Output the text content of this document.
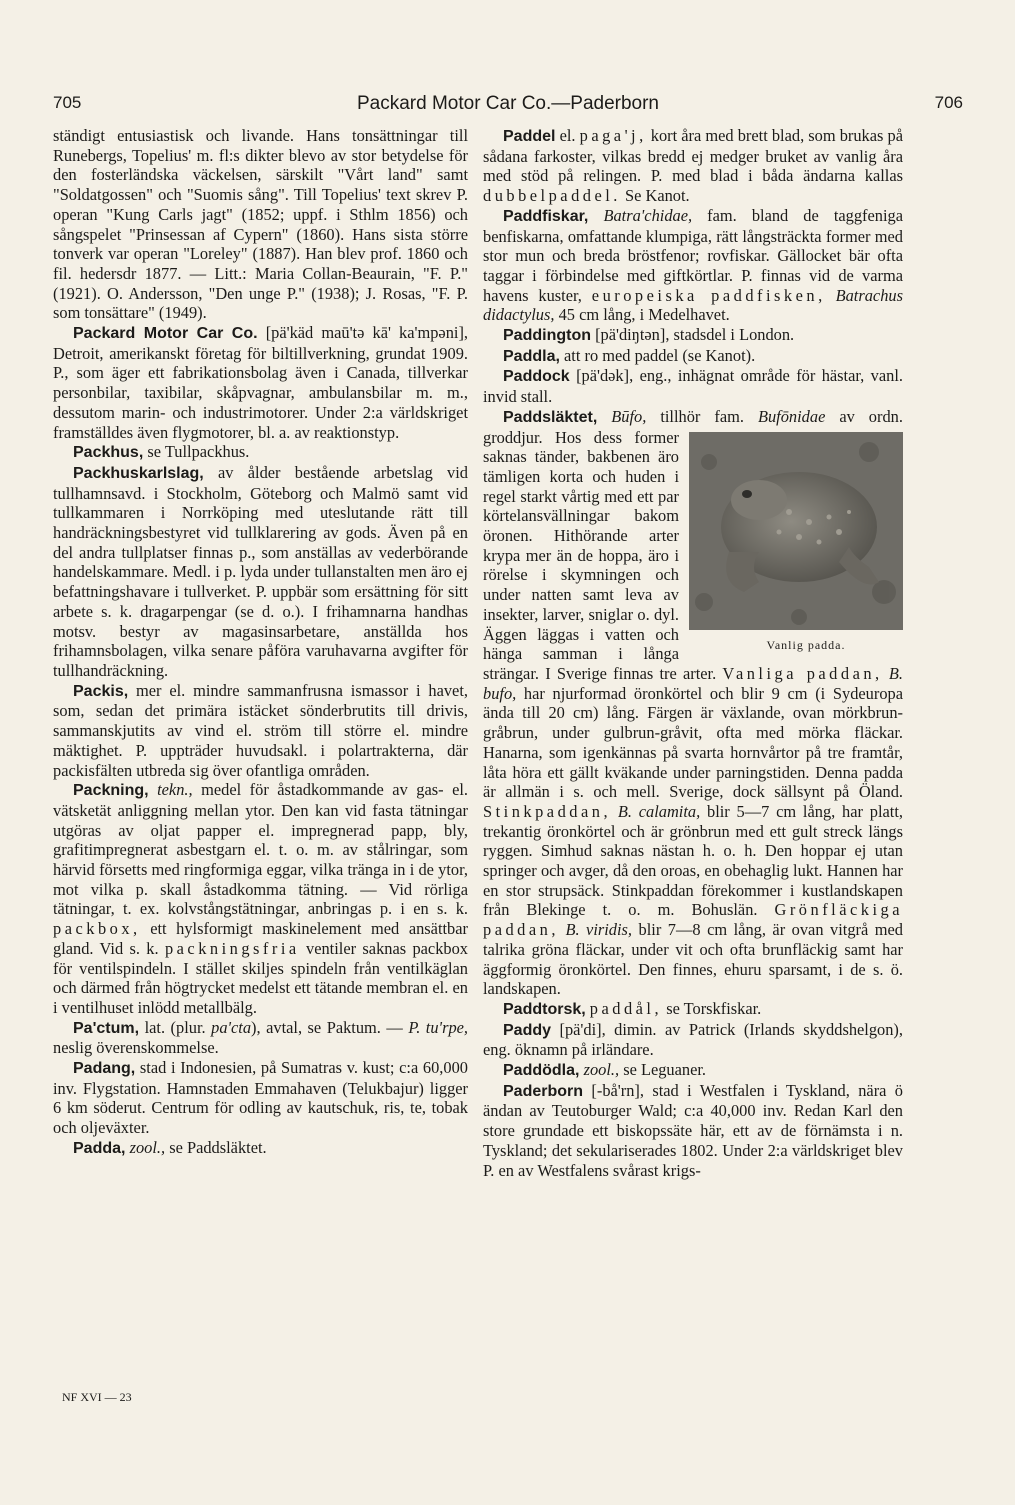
705	Packard Motor Car Co.—Paderborn	706

ständigt entusiastisk och livande. Hans tonsättningar till Runebergs, Topelius' m. fl:s dikter blevo av stor betydelse för den fosterländska väckelsen, särskilt "Vårt land" samt "Soldatgossen" och "Suomis sång". Till Topelius' text skrev P. operan "Kung Carls jagt" (1852; uppf. i Sthlm 1856) och sångspelet "Prinsessan af Cypern" (1860). Hans sista större tonverk var operan "Loreley" (1887). Han blev prof. 1860 och fil. hedersdr 1877. — Litt.: Maria Collan-Beaurain, "F. P." (1921). O. Andersson, "Den unge P." (1938); J. Rosas, "F. P. som tonsättare" (1949).

Packard Motor Car Co. [pä'käd maū'tə kā' ka'mpəni], Detroit, amerikanskt företag för biltillverkning, grundat 1909. P., som äger ett fabrikationsbolag även i Canada, tillverkar personbilar, taxibilar, skåpvagnar, ambulansbilar m. m., dessutom marin- och industrimotorer. Under 2:a världskriget framställdes även flygmotorer, bl. a. av reaktionstyp.

Packhus, se Tullpackhus.

Packhuskarlslag, av ålder bestående arbetslag vid tullhamnsavd. i Stockholm, Göteborg och Malmö samt vid tullkammaren i Norrköping med uteslutande rätt till handräckningsbestyret vid tullklarering av gods. Även på en del andra tullplatser finnas p., som anställas av vederbörande handelskammare. Medl. i p. lyda under tullanstalten men äro ej befattningshavare i tullverket. P. uppbär som ersättning för sitt arbete s. k. dragarpengar (se d. o.). I frihamnarna handhas motsv. bestyr av magasinsarbetare, anställda hos frihamnsbolagen, vilka senare påföra varuhavarna avgifter för tullhandräckning.

Packis, mer el. mindre sammanfrusna ismassor i havet, som, sedan det primära istäcket sönderbrutits till drivis, sammanskjutits av vind el. ström till större el. mindre mäktighet. P. uppträder huvudsakl. i polartrakterna, där packisfälten utbreda sig över ofantliga områden.

Packning, tekn., medel för åstadkommande av gas- el. vätsketät anliggning mellan ytor. Den kan vid fasta tätningar utgöras av oljat papper el. impregnerad papp, bly, grafitimpregnerat asbestgarn el. t. o. m. av stålringar, som härvid försetts med ringformiga eggar, vilka tränga in i de ytor, mot vilka p. skall åstadkomma tätning. — Vid rörliga tätningar, t. ex. kolvstångstätningar, anbringas p. i en s. k. packbox, ett hylsformigt maskinelement med ansättbar gland. Vid s. k. packningsfria ventiler saknas packbox för ventilspindeln. I stället skiljes spindeln från ventilkäglan och därmed från högtrycket medelst ett tätande membran el. en i ventilhuset inlödd metallbälg.

Pa'ctum, lat. (plur. pa'cta), avtal, se Paktum. — P. tu'rpe, neslig överenskommelse.

Padang, stad i Indonesien, på Sumatras v. kust; c:a 60,000 inv. Flygstation. Hamnstaden Emmahaven (Telukbajur) ligger 6 km söderut. Centrum för odling av kautschuk, ris, te, tobak och oljeväxter.

Padda, zool., se Paddsläktet.

Paddel el. paga'j, kort åra med brett blad, som brukas på sådana farkoster, vilkas bredd ej medger bruket av vanlig åra med stöd på relingen. P. med blad i båda ändarna kallas dubbelpaddel. Se Kanot.

Paddfiskar, Batra'chidae, fam. bland de taggfeniga benfiskarna, omfattande klumpiga, rätt långsträckta former med stor mun och breda bröstfenor; rovfiskar. Gällocket bär ofta taggar i förbindelse med giftkörtlar. P. finnas vid de varma havens kuster, europeiska paddfisken, Batrachus didactylus, 45 cm lång, i Medelhavet.

Paddington [pä'diŋtən], stadsdel i London.

Paddla, att ro med paddel (se Kanot).

Paddock [pä'dək], eng., inhägnat område för hästar, vanl. invid stall.

Paddsläktet, Būfo, tillhör fam. Bufōnidae
Vanlig padda.
av ordn. groddjur. Hos dess former saknas tänder, bakbenen äro tämligen korta och huden i regel starkt vårtig med ett par körtelansvällningar bakom öronen. Hithörande arter krypa mer än de hoppa, äro i rörelse i skymningen och under natten samt leva av insekter, larver, sniglar o. dyl. Äggen läggas i vatten och hänga samman i långa strängar. I Sverige finnas tre arter. Vanliga paddan, B. bufo, har njurformad öronkörtel och blir 9 cm (i Sydeuropa ända till 20 cm) lång. Färgen är växlande, ovan mörkbrun-gråbrun, under gulbrun-gråvit, ofta med mörka fläckar. Hanarna, som igenkännas på svarta hornvårtor på tre framtår, låta höra ett gällt kväkande under parningstiden. Denna padda är allmän i s. och mell. Sverige, dock sällsynt på Öland. Stinkpaddan, B. calamita, blir 5—7 cm lång, har platt, trekantig öronkörtel och är grönbrun med ett gult streck längs ryggen. Simhud saknas nästan h. o. h. Den hoppar ej utan springer och avger, då den oroas, en obehaglig lukt. Hannen har en stor strupsäck. Stinkpaddan förekommer i kustlandskapen från Blekinge t. o. m. Bohuslän. Grönfläckiga paddan, B. viridis, blir 7—8 cm lång, är ovan vitgrå med talrika gröna fläckar, under vit och ofta brunfläckig samt har äggformig öronkörtel. Den finnes, ehuru sparsamt, i de s. ö. landskapen.

Paddtorsk, paddål, se Torskfiskar.

Paddy [pä'di], dimin. av Patrick (Irlands skyddshelgon), eng. öknamn på irländare.

Paddödla, zool., se Leguaner.

Paderborn [-bå'rn], stad i Westfalen i Tyskland, nära ö ändan av Teutoburger Wald; c:a 40,000 inv. Redan Karl den store grundade ett biskopssäte här, ett av de förnämsta i n. Tyskland; det sekulariserades 1802. Under 2:a världskriget blev P. en av Westfalens svårast krigs-

NF XVI — 23
